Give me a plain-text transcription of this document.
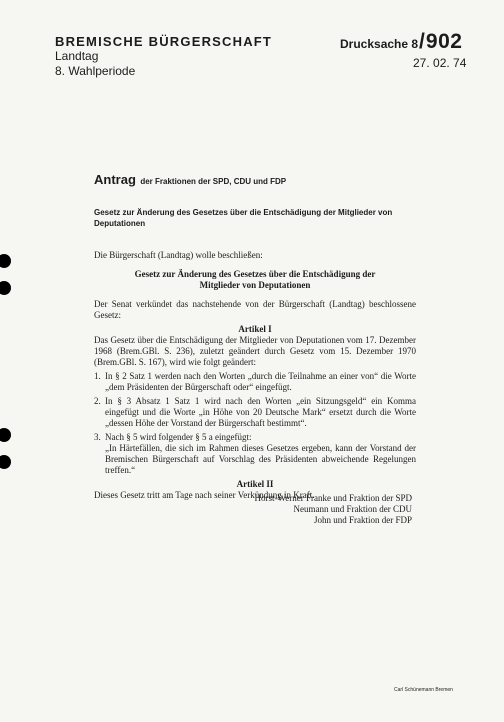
BREMISCHE BÜRGERSCHAFT
Landtag
8. Wahlperiode
Drucksache 8/902
27. 02. 74
Antrag der Fraktionen der SPD, CDU und FDP
Gesetz zur Änderung des Gesetzes über die Entschädigung der Mitglieder von Deputationen

Die Bürgerschaft (Landtag) wolle beschließen:

Gesetz zur Änderung des Gesetzes über die Entschädigung der
Mitglieder von Deputationen

Der Senat verkündet das nachstehende von der Bürgerschaft (Landtag) beschlossene Gesetz:

Artikel I

Das Gesetz über die Entschädigung der Mitglieder von Deputationen vom 17. Dezember 1968 (Brem.GBl. S. 236), zuletzt geändert durch Gesetz vom 15. Dezember 1970 (Brem.GBl. S. 167), wird wie folgt geändert:

1. In § 2 Satz 1 werden nach den Worten „durch die Teilnahme an einer von“ die Worte „dem Präsidenten der Bürgerschaft oder“ eingefügt.
2. In § 3 Absatz 1 Satz 1 wird nach den Worten „ein Sitzungsgeld“ ein Komma eingefügt und die Worte „in Höhe von 20 Deutsche Mark“ ersetzt durch die Worte „dessen Höhe der Vorstand der Bürgerschaft bestimmt“.
3. Nach § 5 wird folgender § 5 a eingefügt:
„In Härtefällen, die sich im Rahmen dieses Gesetzes ergeben, kann der Vorstand der Bremischen Bürgerschaft auf Vorschlag des Präsidenten abweichende Regelungen treffen.“

Artikel II

Dieses Gesetz tritt am Tage nach seiner Verkündung in Kraft.

Horst-Werner Franke und Fraktion der SPD
Neumann und Fraktion der CDU
John und Fraktion der FDP
Carl Schünemann Bremen
